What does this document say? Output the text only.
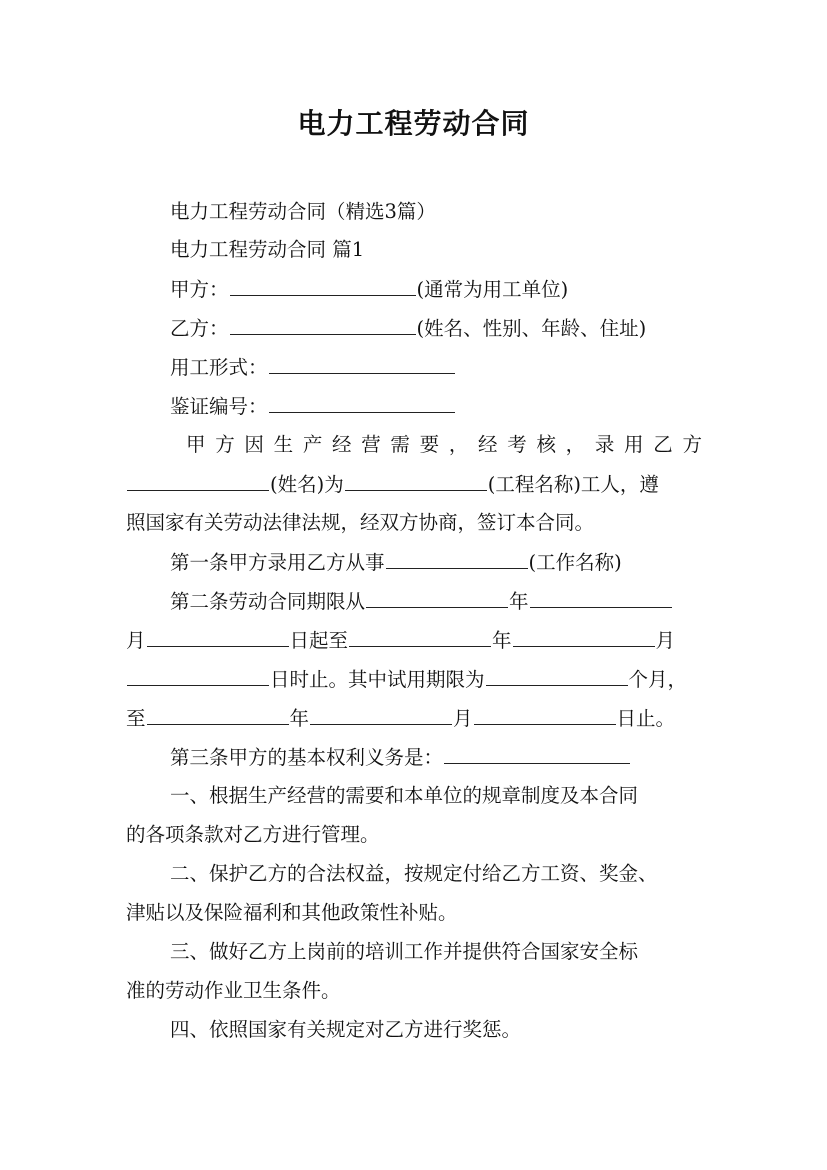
电力工程劳动合同
电力工程劳动合同（精选3篇）
电力工程劳动合同 篇1
甲方：	(通常为用工单位)
乙方：	(姓名、性别、年龄、住址)
用工形式：
鉴证编号：
甲 方 因 生 产 经 营 需 要 ， 经 考 核 ， 录 用 乙 方
(姓名)为	(工程名称)工人，遵
照国家有关劳动法律法规，经双方协商，签订本合同。
第一条甲方录用乙方从事	(工作名称)
第二条劳动合同期限从	年
月	日起至	年	月
日时止。其中试用期限为	个月，
至	年	月	日止。
第三条甲方的基本权利义务是：
一、根据生产经营的需要和本单位的规章制度及本合同
的各项条款对乙方进行管理。
二、保护乙方的合法权益，按规定付给乙方工资、奖金、
津贴以及保险福利和其他政策性补贴。
三、做好乙方上岗前的培训工作并提供符合国家安全标
准的劳动作业卫生条件。
四、依照国家有关规定对乙方进行奖惩。
